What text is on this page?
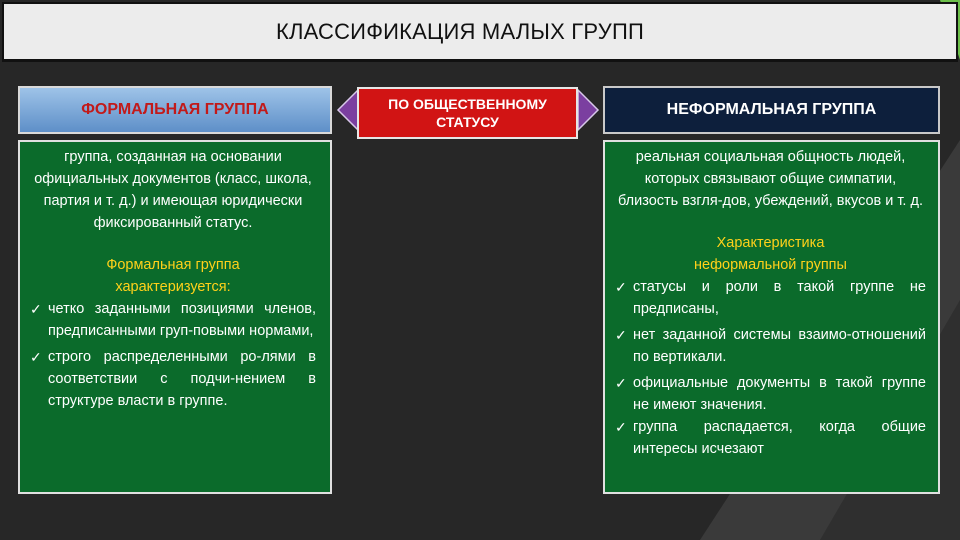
КЛАССИФИКАЦИЯ МАЛЫХ ГРУПП
ФОРМАЛЬНАЯ ГРУППА	ПО ОБЩЕСТВЕННОМУ
СТАТУСУ
НЕФОРМАЛЬНАЯ ГРУППА

группа, созданная на основании официальных документов (класс, школа, партия и т. д.) и имеющая юридически фиксированный статус.

Формальная группа

характеризуется:

✓ четко заданными позициями членов, предписанными груп-повыми нормами,
✓ строго распределенными ро-лями в соответствии с подчи-нением в структуре власти в группе.

реальная социальная общность людей, которых связывают общие симпатии, близость взгля-дов, убеждений, вкусов и т. д.

Характеристика

неформальной группы

✓ статусы и роли в такой группе не предписаны,
✓ нет заданной системы взаимо-отношений по вертикали.
✓ официальные документы в такой группе не имеют значения.
✓ группа распадается, когда общие интересы исчезают
